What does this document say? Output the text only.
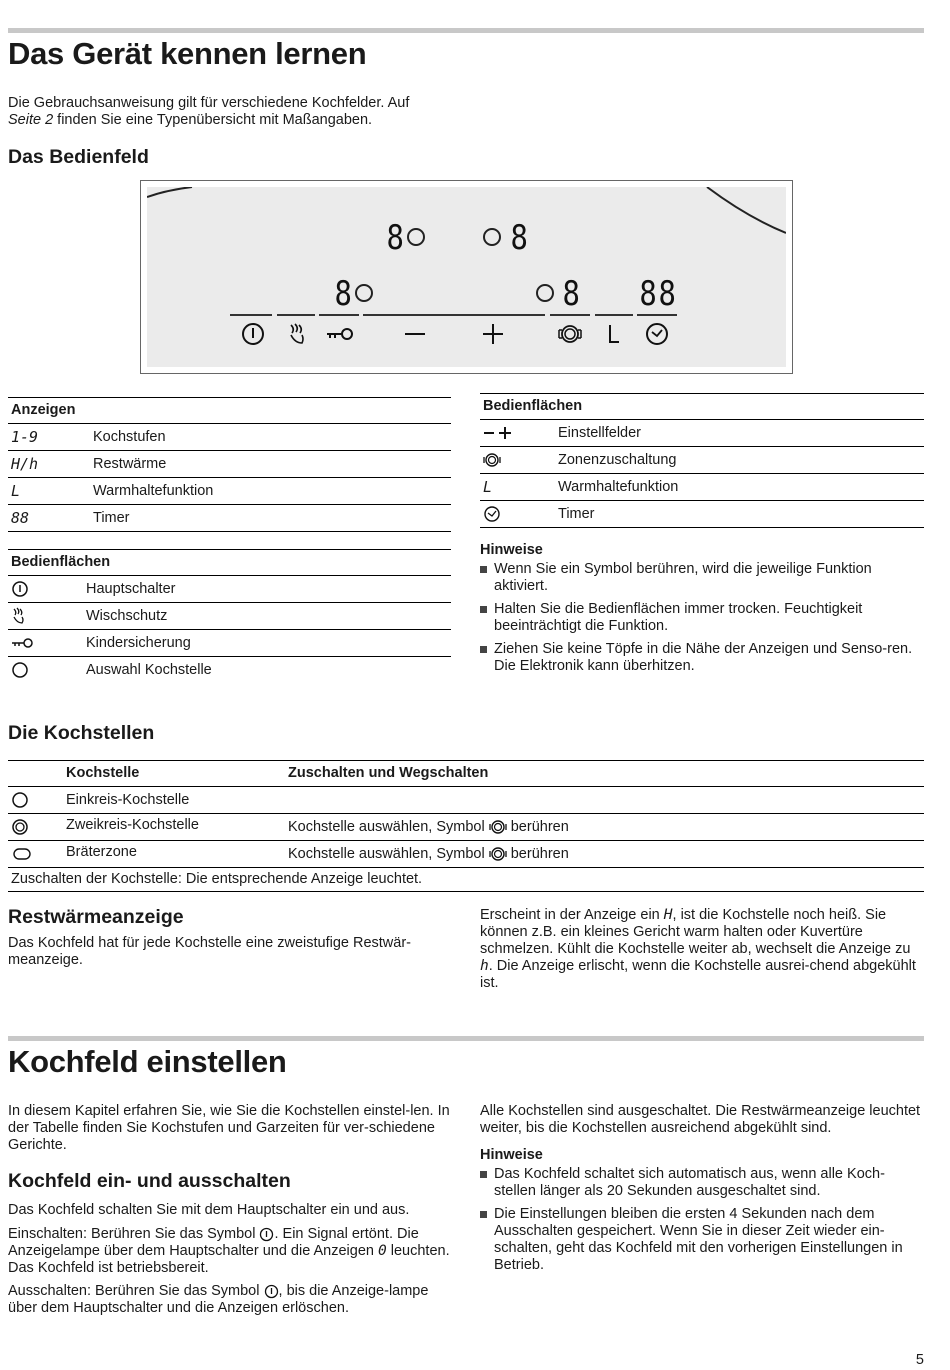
Das Gerät kennen lernen

Die Gebrauchsanweisung gilt für verschiedene Kochfelder. Auf
Seite 2 finden Sie eine Typenübersicht mit Maßangaben.

Das Bedienfeld
8	8
8	8 88
Anzeigen
1-9	Kochstufen
H/h	Restwärme
L	Warmhaltefunktion
88	Timer
Bedienflächen
Hauptschalter
Wischschutz
Kindersicherung
Auswahl Kochstelle
Bedienflächen
Einstellfelder
Zonenzuschaltung
L	Warmhaltefunktion
Timer
Hinweise
Wenn Sie ein Symbol berühren, wird die jeweilige Funktion aktiviert.
Halten Sie die Bedienflächen immer trocken. Feuchtigkeit beeinträchtigt die Funktion.
Ziehen Sie keine Töpfe in die Nähe der Anzeigen und Senso-ren. Die Elektronik kann überhitzen.
Die Kochstellen
Kochstelle	Zuschalten und Wegschalten
Einkreis-Kochstelle
Zweikreis-Kochstelle	Kochstelle auswählen, Symbol berühren
Bräterzone	Kochstelle auswählen, Symbol berühren
Zuschalten der Kochstelle: Die entsprechende Anzeige leuchtet.
Restwärmeanzeige

Das Kochfeld hat für jede Kochstelle eine zweistufige Restwär-meanzeige.

Erscheint in der Anzeige ein H, ist die Kochstelle noch heiß. Sie können z.B. ein kleines Gericht warm halten oder Kuvertüre schmelzen. Kühlt die Kochstelle weiter ab, wechselt die Anzeige zu h. Die Anzeige erlischt, wenn die Kochstelle ausrei-chend abgekühlt ist.

Kochfeld einstellen

In diesem Kapitel erfahren Sie, wie Sie die Kochstellen einstel-len. In der Tabelle finden Sie Kochstufen und Garzeiten für ver-schiedene Gerichte.

Kochfeld ein- und ausschalten

Das Kochfeld schalten Sie mit dem Hauptschalter ein und aus.

Einschalten: Berühren Sie das Symbol . Ein Signal ertönt. Die Anzeigelampe über dem Hauptschalter und die Anzeigen 0 leuchten. Das Kochfeld ist betriebsbereit.

Ausschalten: Berühren Sie das Symbol , bis die Anzeige-lampe über dem Hauptschalter und die Anzeigen erlöschen.

Alle Kochstellen sind ausgeschaltet. Die Restwärmeanzeige leuchtet weiter, bis die Kochstellen ausreichend abgekühlt sind.

Hinweise
Das Kochfeld schaltet sich automatisch aus, wenn alle Koch-stellen länger als 20 Sekunden ausgeschaltet sind.
Die Einstellungen bleiben die ersten 4 Sekunden nach dem Ausschalten gespeichert. Wenn Sie in dieser Zeit wieder ein-schalten, geht das Kochfeld mit den vorherigen Einstellungen in Betrieb.
5
